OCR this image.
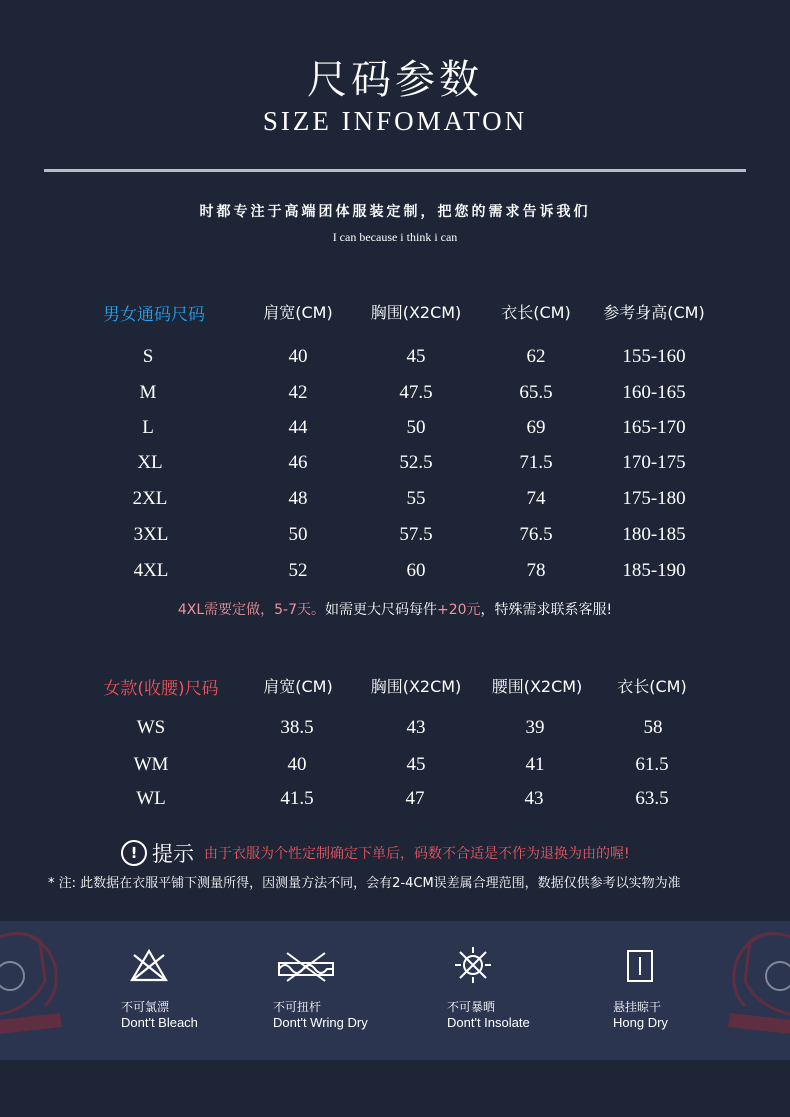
尺码参数
SIZE INFOMATON
时都专注于高端团体服装定制，把您的需求告诉我们
I can because i think i can
男女通码尺码	肩宽(CM) 胸围(X2CM) 衣长(CM) 参考身高(CM)
S	40	45	62	155-160
M	42	47.5	65.5	160-165
L	44	50	69	165-170
XL	46	52.5	71.5	170-175
2XL	48	55	74	175-180
3XL	50	57.5	76.5	180-185
4XL	52	60	78	185-190
4XL需要定做，5-7天。如需更大尺码每件+20元，特殊需求联系客服!
女款(收腰)尺码	肩宽(CM) 胸围(X2CM) 腰围(X2CM) 衣长(CM)
WS	38.5	43	39	58
WM	40	45	41	61.5
WL	41.5	47	43	63.5
! 提示 由于衣服为个性定制确定下单后，码数不合适是不作为退换为由的喔!
* 注: 此数据在衣服平铺下测量所得，因测量方法不同，会有2-4CM误差属合理范围，数据仅供参考以实物为准
不可氯漂
Dont't Bleach
不可扭杆
Dont't Wring Dry
不可暴晒
Dont't Insolate
悬挂晾干
Hong Dry
